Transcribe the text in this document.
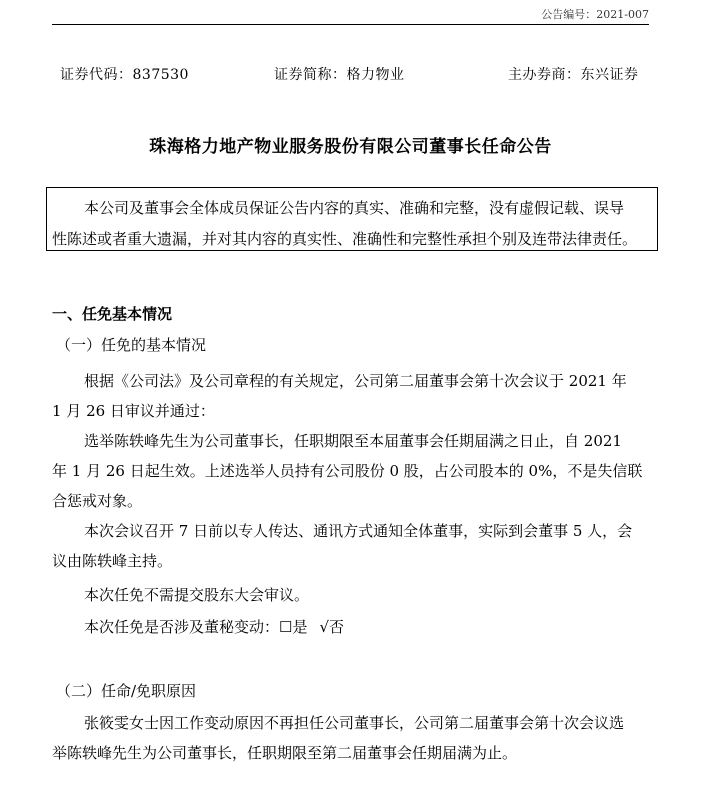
公告编号：2021-007
证券代码：837530	证券简称：格力物业	主办券商：东兴证券
珠海格力地产物业服务股份有限公司董事长任命公告
本公司及董事会全体成员保证公告内容的真实、准确和完整，没有虚假记载、误导
性陈述或者重大遗漏，并对其内容的真实性、准确性和完整性承担个别及连带法律责任。
一、任免基本情况
（一）任免的基本情况
根据《公司法》及公司章程的有关规定，公司第二届董事会第十次会议于 2021 年
1 月 26 日审议并通过：
选举陈轶峰先生为公司董事长，任职期限至本届董事会任期届满之日止，自 2021
年 1 月 26 日起生效。上述选举人员持有公司股份 0 股，占公司股本的 0%，不是失信联
合惩戒对象。
本次会议召开 7 日前以专人传达、通讯方式通知全体董事，实际到会董事 5 人，会
议由陈轶峰主持。
本次任免不需提交股东大会审议。
本次任免是否涉及董秘变动：☐是 √否
（二）任命/免职原因
张筱雯女士因工作变动原因不再担任公司董事长，公司第二届董事会第十次会议选
举陈轶峰先生为公司董事长，任职期限至第二届董事会任期届满为止。
